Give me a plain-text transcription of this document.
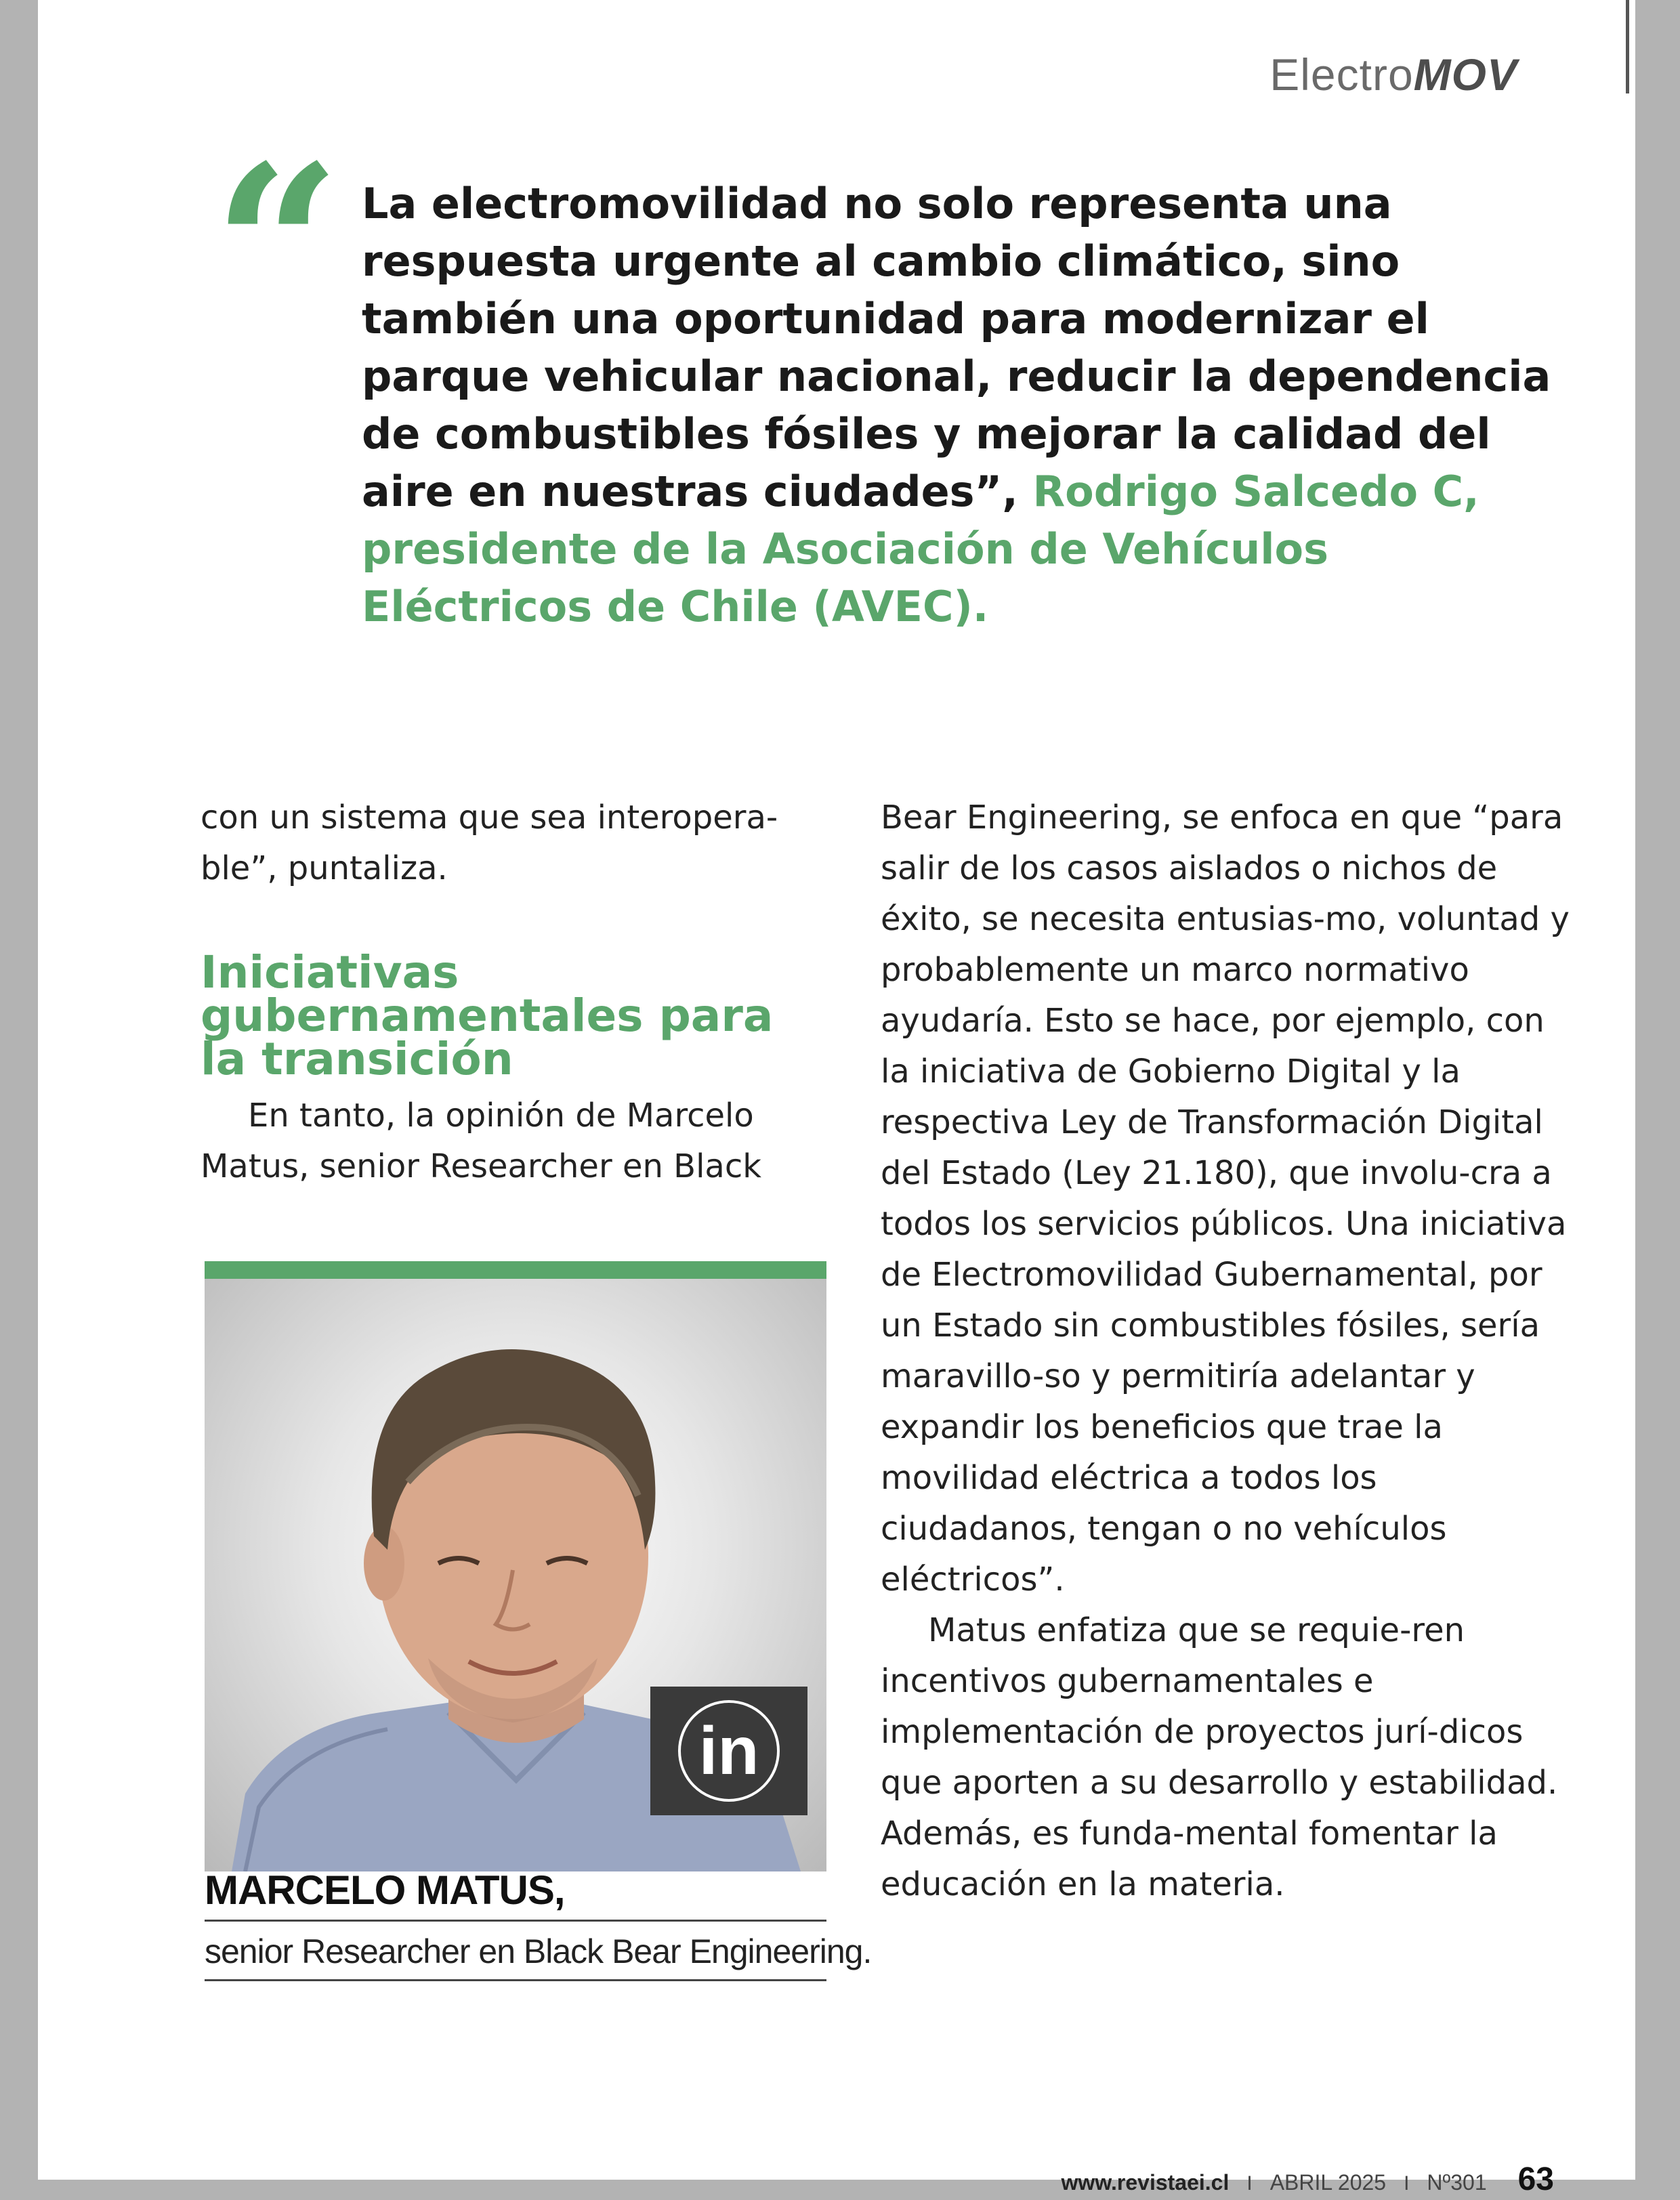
ElectroMOV
“ La electromovilidad no solo representa una respuesta urgente al cambio climático, sino también una oportunidad para modernizar el parque vehicular nacional, reducir la dependencia de combustibles fósiles y mejorar la calidad del aire en nuestras ciudades”, Rodrigo Salcedo C, presidente de la Asociación de Vehículos Eléctricos de Chile (AVEC).

con un sistema que sea interopera-ble”, puntaliza.

Iniciativas gubernamentales para la transición

En tanto, la opinión de Marcelo Matus, senior Researcher en Black

Bear Engineering, se enfoca en que “para salir de los casos aislados o nichos de éxito, se necesita entusias-mo, voluntad y probablemente un marco normativo ayudaría. Esto se hace, por ejemplo, con la iniciativa de Gobierno Digital y la respectiva Ley de Transformación Digital del Estado (Ley 21.180), que involu-cra a todos los servicios públicos. Una iniciativa de Electromovilidad Gubernamental, por un Estado sin combustibles fósiles, sería maravillo-so y permitiría adelantar y expandir los beneficios que trae la movilidad eléctrica a todos los ciudadanos, tengan o no vehículos eléctricos”.

Matus enfatiza que se requie-ren incentivos gubernamentales e implementación de proyectos jurí-dicos que aporten a su desarrollo y estabilidad. Además, es funda-mental fomentar la educación en la materia.

in
MARCELO MATUS,
senior Researcher en Black Bear Engineering.
www.revistaei.cl I ABRIL 2025 I Nº301 63
